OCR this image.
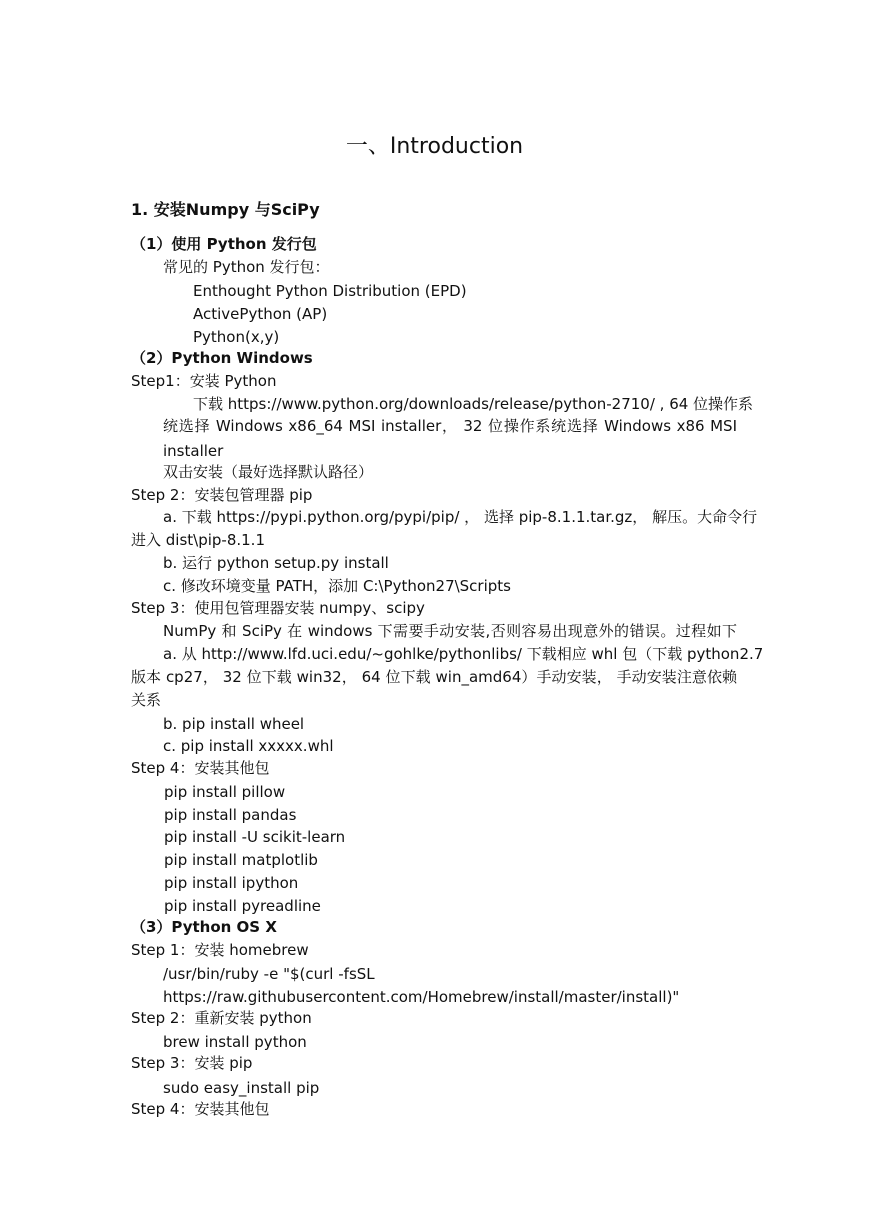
一、Introduction
1. 安装Numpy 与SciPy
（1）使用 Python 发行包
常见的 Python 发行包：
Enthought Python Distribution (EPD)
ActivePython (AP)
Python(x,y)
（2）Python Windows
Step1：安装 Python
下载 https://www.python.org/downloads/release/python-2710/ , 64 位操作系
统选择 Windows x86_64 MSI installer， 32 位操作系统选择 Windows x86 MSI
installer
双击安装（最好选择默认路径）
Step 2：安装包管理器 pip
a. 下载 https://pypi.python.org/pypi/pip/ ， 选择 pip-8.1.1.tar.gz， 解压。大命令行
进入 dist\pip-8.1.1
b. 运行 python setup.py install
c. 修改环境变量 PATH，添加 C:\Python27\Scripts
Step 3：使用包管理器安装 numpy、scipy
NumPy 和 SciPy 在 windows 下需要手动安装,否则容易出现意外的错误。过程如下
a. 从 http://www.lfd.uci.edu/~gohlke/pythonlibs/ 下载相应 whl 包（下载 python2.7
版本 cp27， 32 位下载 win32， 64 位下载 win_amd64）手动安装， 手动安装注意依赖
关系
b. pip install wheel
c. pip install xxxxx.whl
Step 4：安装其他包
pip install pillow
pip install pandas
pip install -U scikit-learn
pip install matplotlib
pip install ipython
pip install pyreadline
（3）Python OS X
Step 1：安装 homebrew
/usr/bin/ruby -e "$(curl -fsSL
https://raw.githubusercontent.com/Homebrew/install/master/install)"
Step 2：重新安装 python
brew install python
Step 3：安装 pip
sudo easy_install pip
Step 4：安装其他包
